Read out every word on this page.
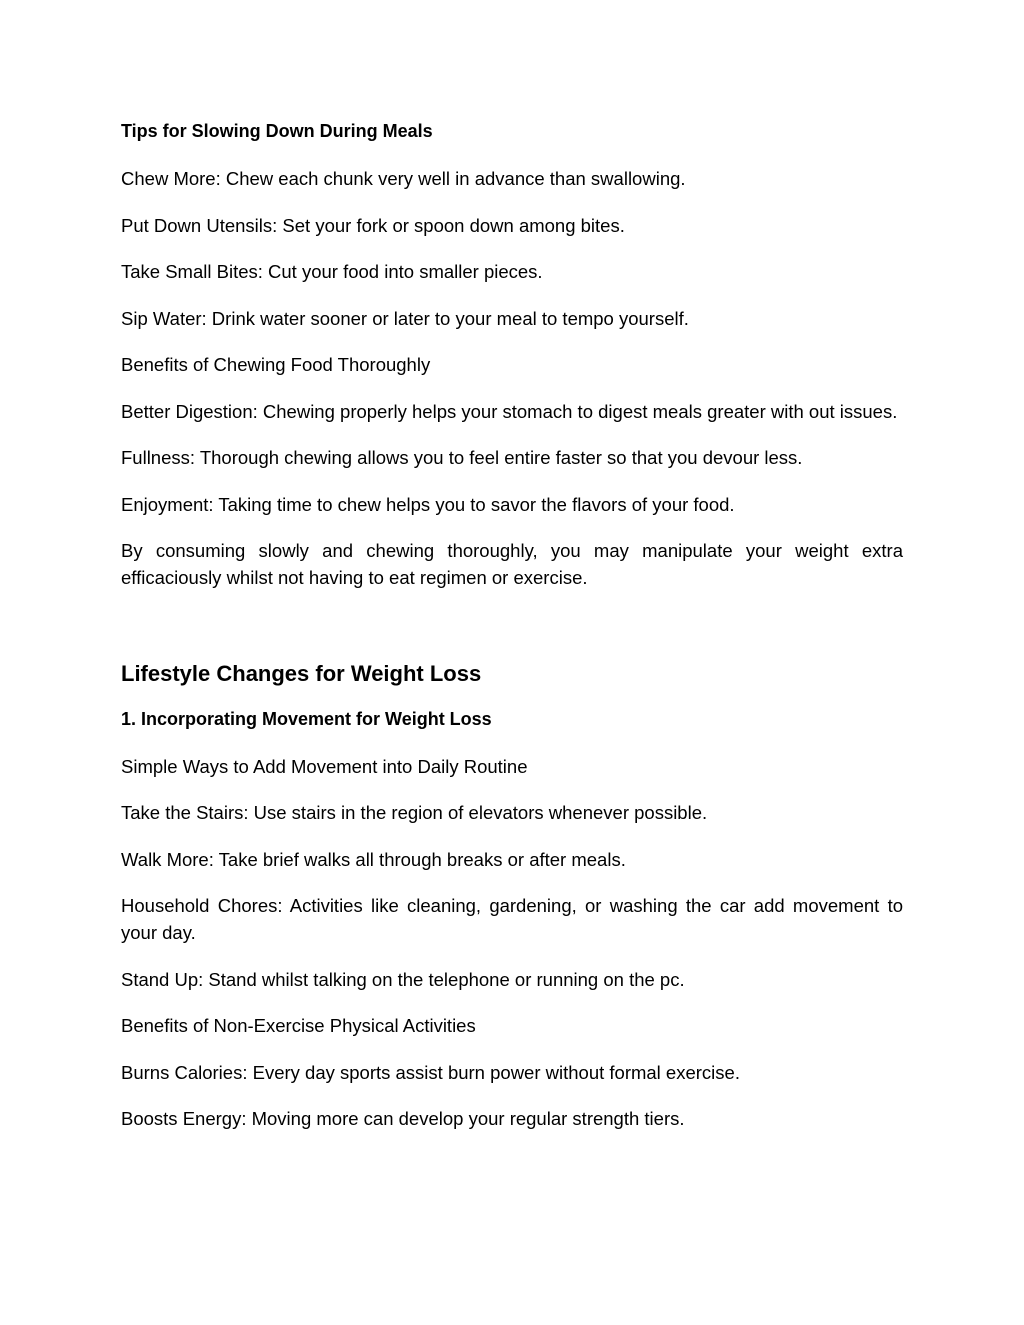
Tips for Slowing Down During Meals

Chew More: Chew each chunk very well in advance than swallowing.

Put Down Utensils: Set your fork or spoon down among bites.

Take Small Bites: Cut your food into smaller pieces.

Sip Water: Drink water sooner or later to your meal to tempo yourself.

Benefits of Chewing Food Thoroughly

Better Digestion: Chewing properly helps your stomach to digest meals greater with out issues.

Fullness: Thorough chewing allows you to feel entire faster so that you devour less.

Enjoyment: Taking time to chew helps you to savor the flavors of your food.

By consuming slowly and chewing thoroughly, you may manipulate your weight extra efficaciously whilst not having to eat regimen or exercise.

Lifestyle Changes for Weight Loss

1. Incorporating Movement for Weight Loss

Simple Ways to Add Movement into Daily Routine

Take the Stairs: Use stairs in the region of elevators whenever possible.

Walk More: Take brief walks all through breaks or after meals.

Household Chores: Activities like cleaning, gardening, or washing the car add movement to your day.

Stand Up: Stand whilst talking on the telephone or running on the pc.

Benefits of Non-Exercise Physical Activities

Burns Calories: Every day sports assist burn power without formal exercise.

Boosts Energy: Moving more can develop your regular strength tiers.
